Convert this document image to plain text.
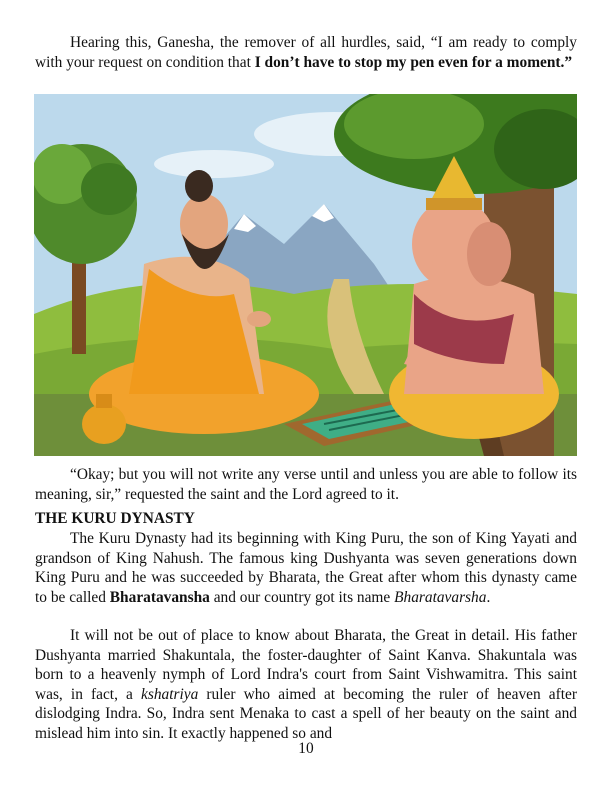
Hearing this, Ganesha, the remover of all hurdles, said, “I am ready to comply with your request on condition that I don’t have to stop my pen even for a moment.”

“Okay; but you will not write any verse until and unless you are able to follow its meaning, sir,” requested the saint and the Lord agreed to it.

THE KURU DYNASTY

The Kuru Dynasty had its beginning with King Puru, the son of King Yayati and grandson of King Nahush. The famous king Dushyanta was seven generations down King Puru and he was succeeded by Bharata, the Great after whom this dynasty came to be called Bharatavansha and our country got its name Bharatavarsha.

It will not be out of place to know about Bharata, the Great in detail. His father Dushyanta married Shakuntala, the foster-daughter of Saint Kanva. Shakuntala was born to a heavenly nymph of Lord Indra's court from Saint Vishwamitra. This saint was, in fact, a kshatriya ruler who aimed at becoming the ruler of heaven after dislodging Indra. So, Indra sent Menaka to cast a spell of her beauty on the saint and mislead him into sin. It exactly happened so and

10
